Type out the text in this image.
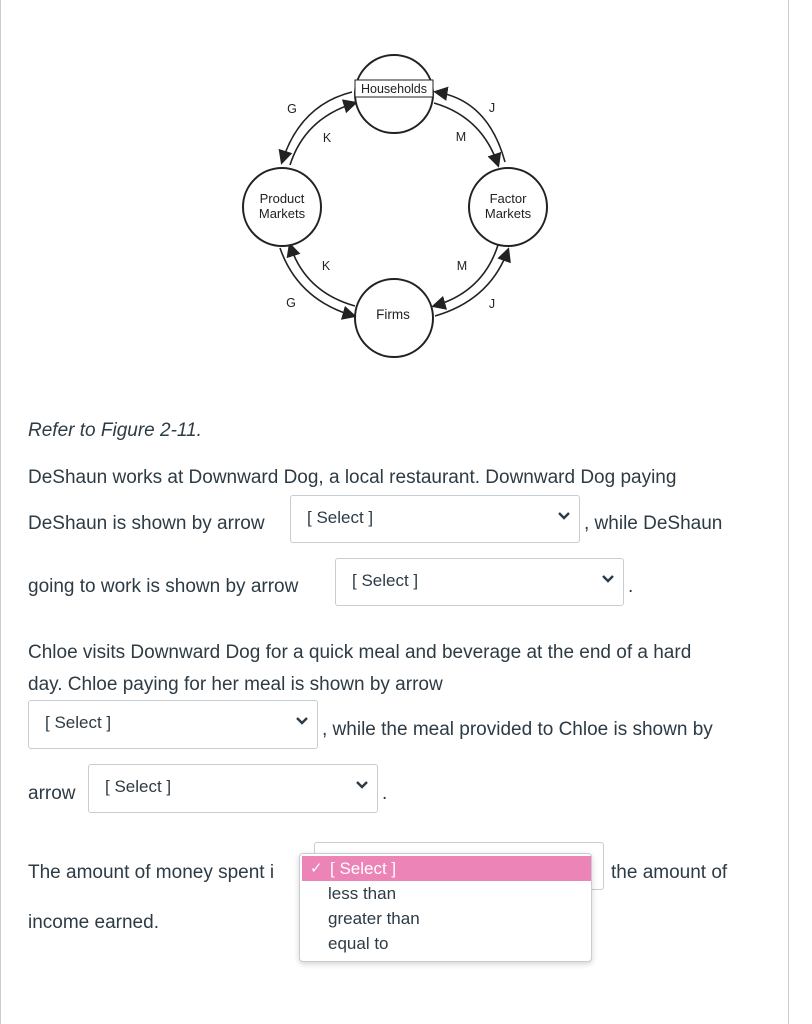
Households
Product
Markets
Factor
Markets
Firms
G
K	M
J
K
G
M
J
Refer to Figure 2-11.
DeShaun works at Downward Dog, a local restaurant. Downward Dog paying
DeShaun is shown by arrow [ Select ]	, while DeShaun
going to work is shown by arrow	[ Select ]	.
Chloe visits Downward Dog for a quick meal and beverage at the end of a hard
day. Chloe paying for her meal is shown by arrow
[ Select ]	, while the meal provided to Chloe is shown by
arrow [ Select ]	.
The amount of money spent i	the amount of
income earned.
✓ [ Select ]
less than
greater than
equal to
